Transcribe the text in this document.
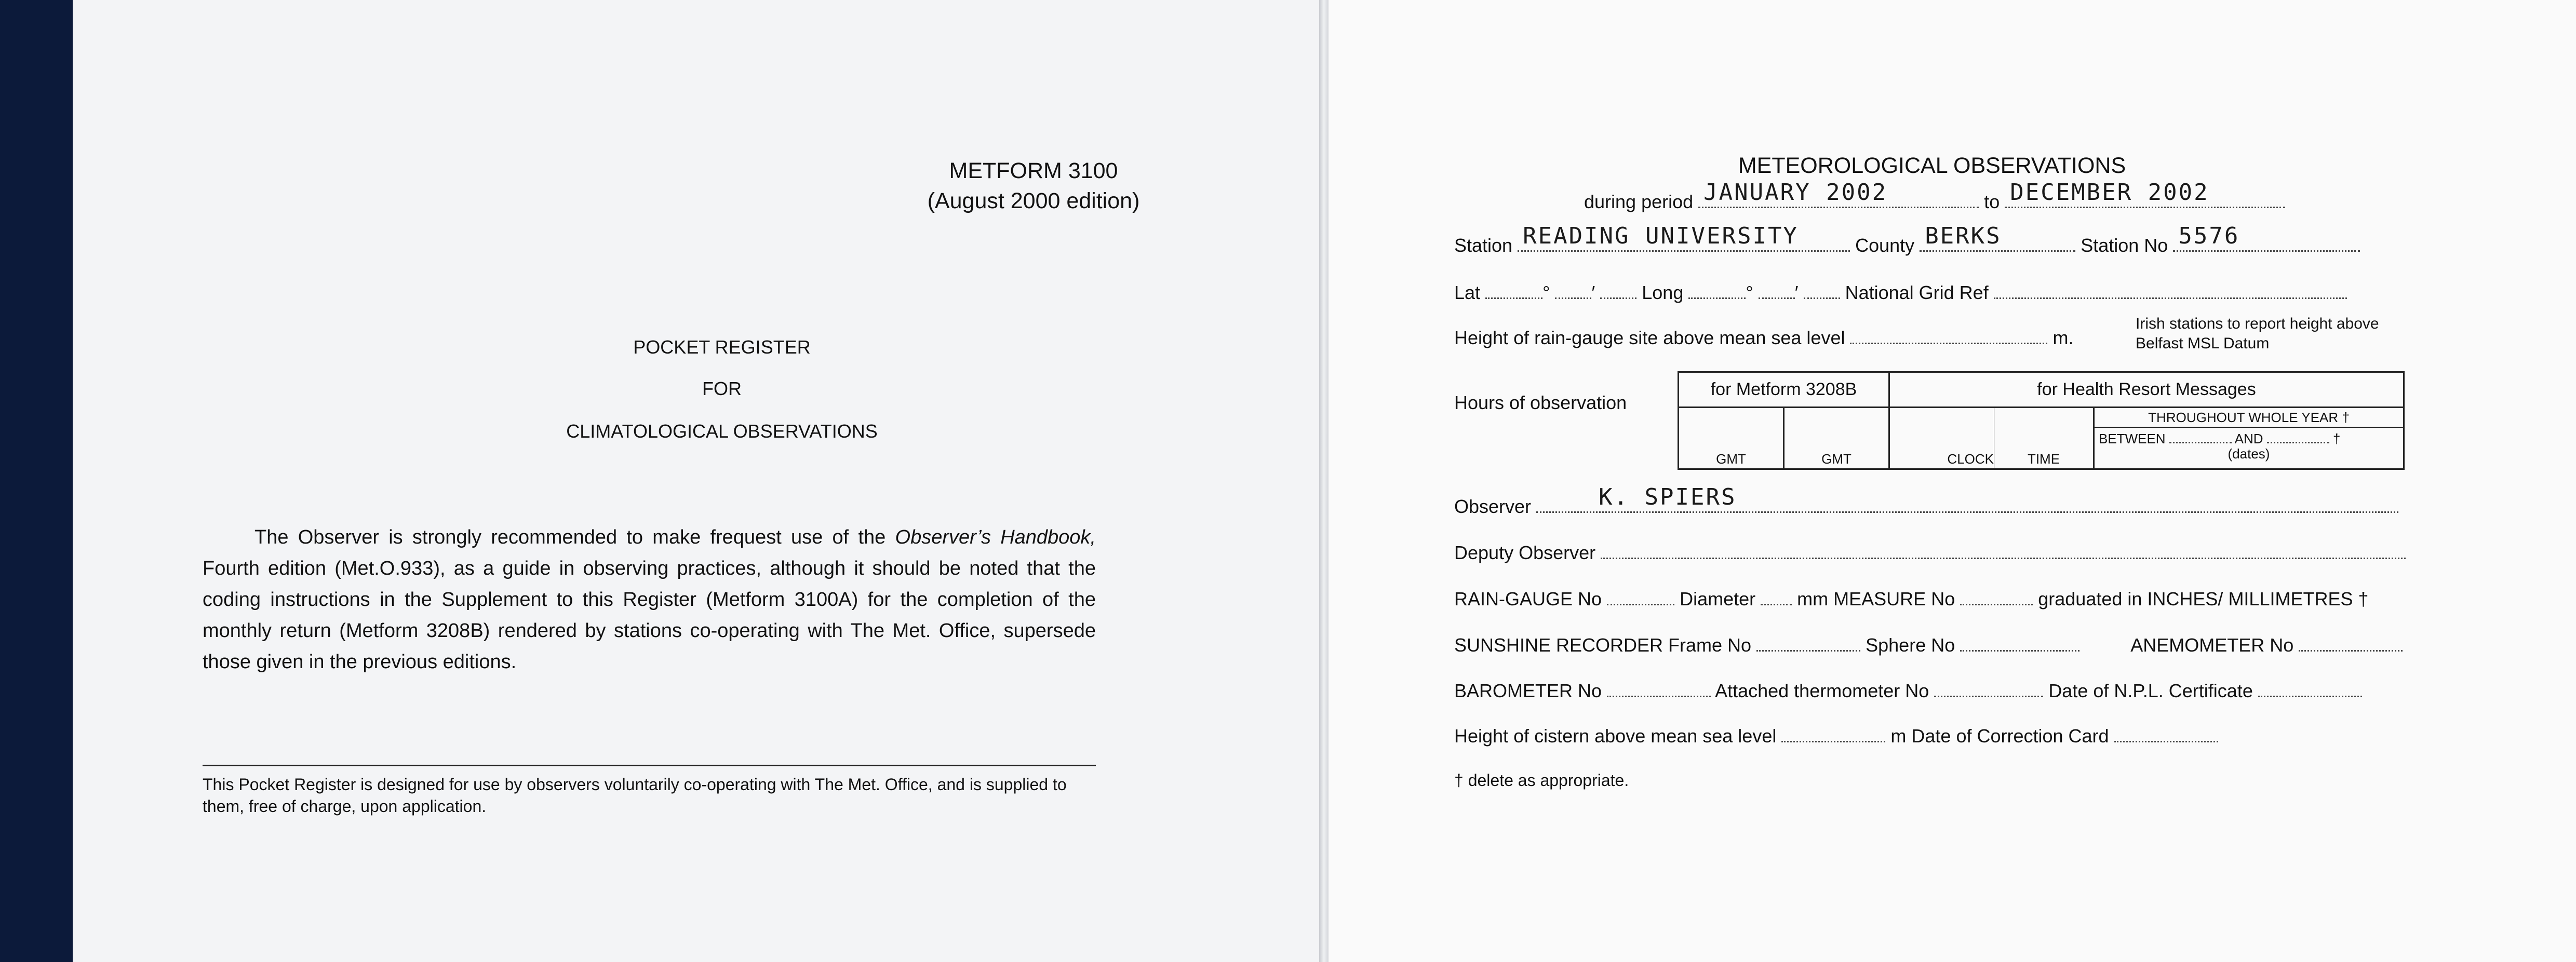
METFORM 3100
(August 2000 edition)
POCKET REGISTER
FOR
CLIMATOLOGICAL OBSERVATIONS

The Observer is strongly recommended to make frequest use of the Observer’s Handbook, Fourth edition (Met.O.933), as a guide in observing practices, although it should be noted that the coding instructions in the Supplement to this Register (Metform 3100A) for the completion of the monthly return (Metform 3208B) rendered by stations co-operating with The Met. Office, supersede those given in the previous editions.

This Pocket Register is designed for use by observers voluntarily co-operating with The Met. Office, and is supplied to them, free of charge, upon application.

METEOROLOGICAL OBSERVATIONS
during period JANUARY 2002	to DECEMBER 2002
Station READING UNIVERSITY	County BERKS	Station No 5576
Lat	° ′	Long	° ′	National Grid Ref
Height of rain-gauge site above mean sea level	m.
Irish stations to report height above Belfast MSL Datum
Hours of observation
for Metform 3208B		for Health Resort Messages		
GMT	GMT	CLOCK	TIME	THROUGHOUT WHOLE YEAR †
BETWEEN AND †
(dates)
Observer	K. SPIERS
Deputy Observer
RAIN-GAUGE No	Diameter mm MEASURE No	graduated in INCHES/ MILLIMETRES †
SUNSHINE RECORDER Frame No	Sphere No	ANEMOMETER No
BAROMETER No	Attached thermometer No	Date of N.P.L. Certificate
Height of cistern above mean sea level	m Date of Correction Card
† delete as appropriate.
